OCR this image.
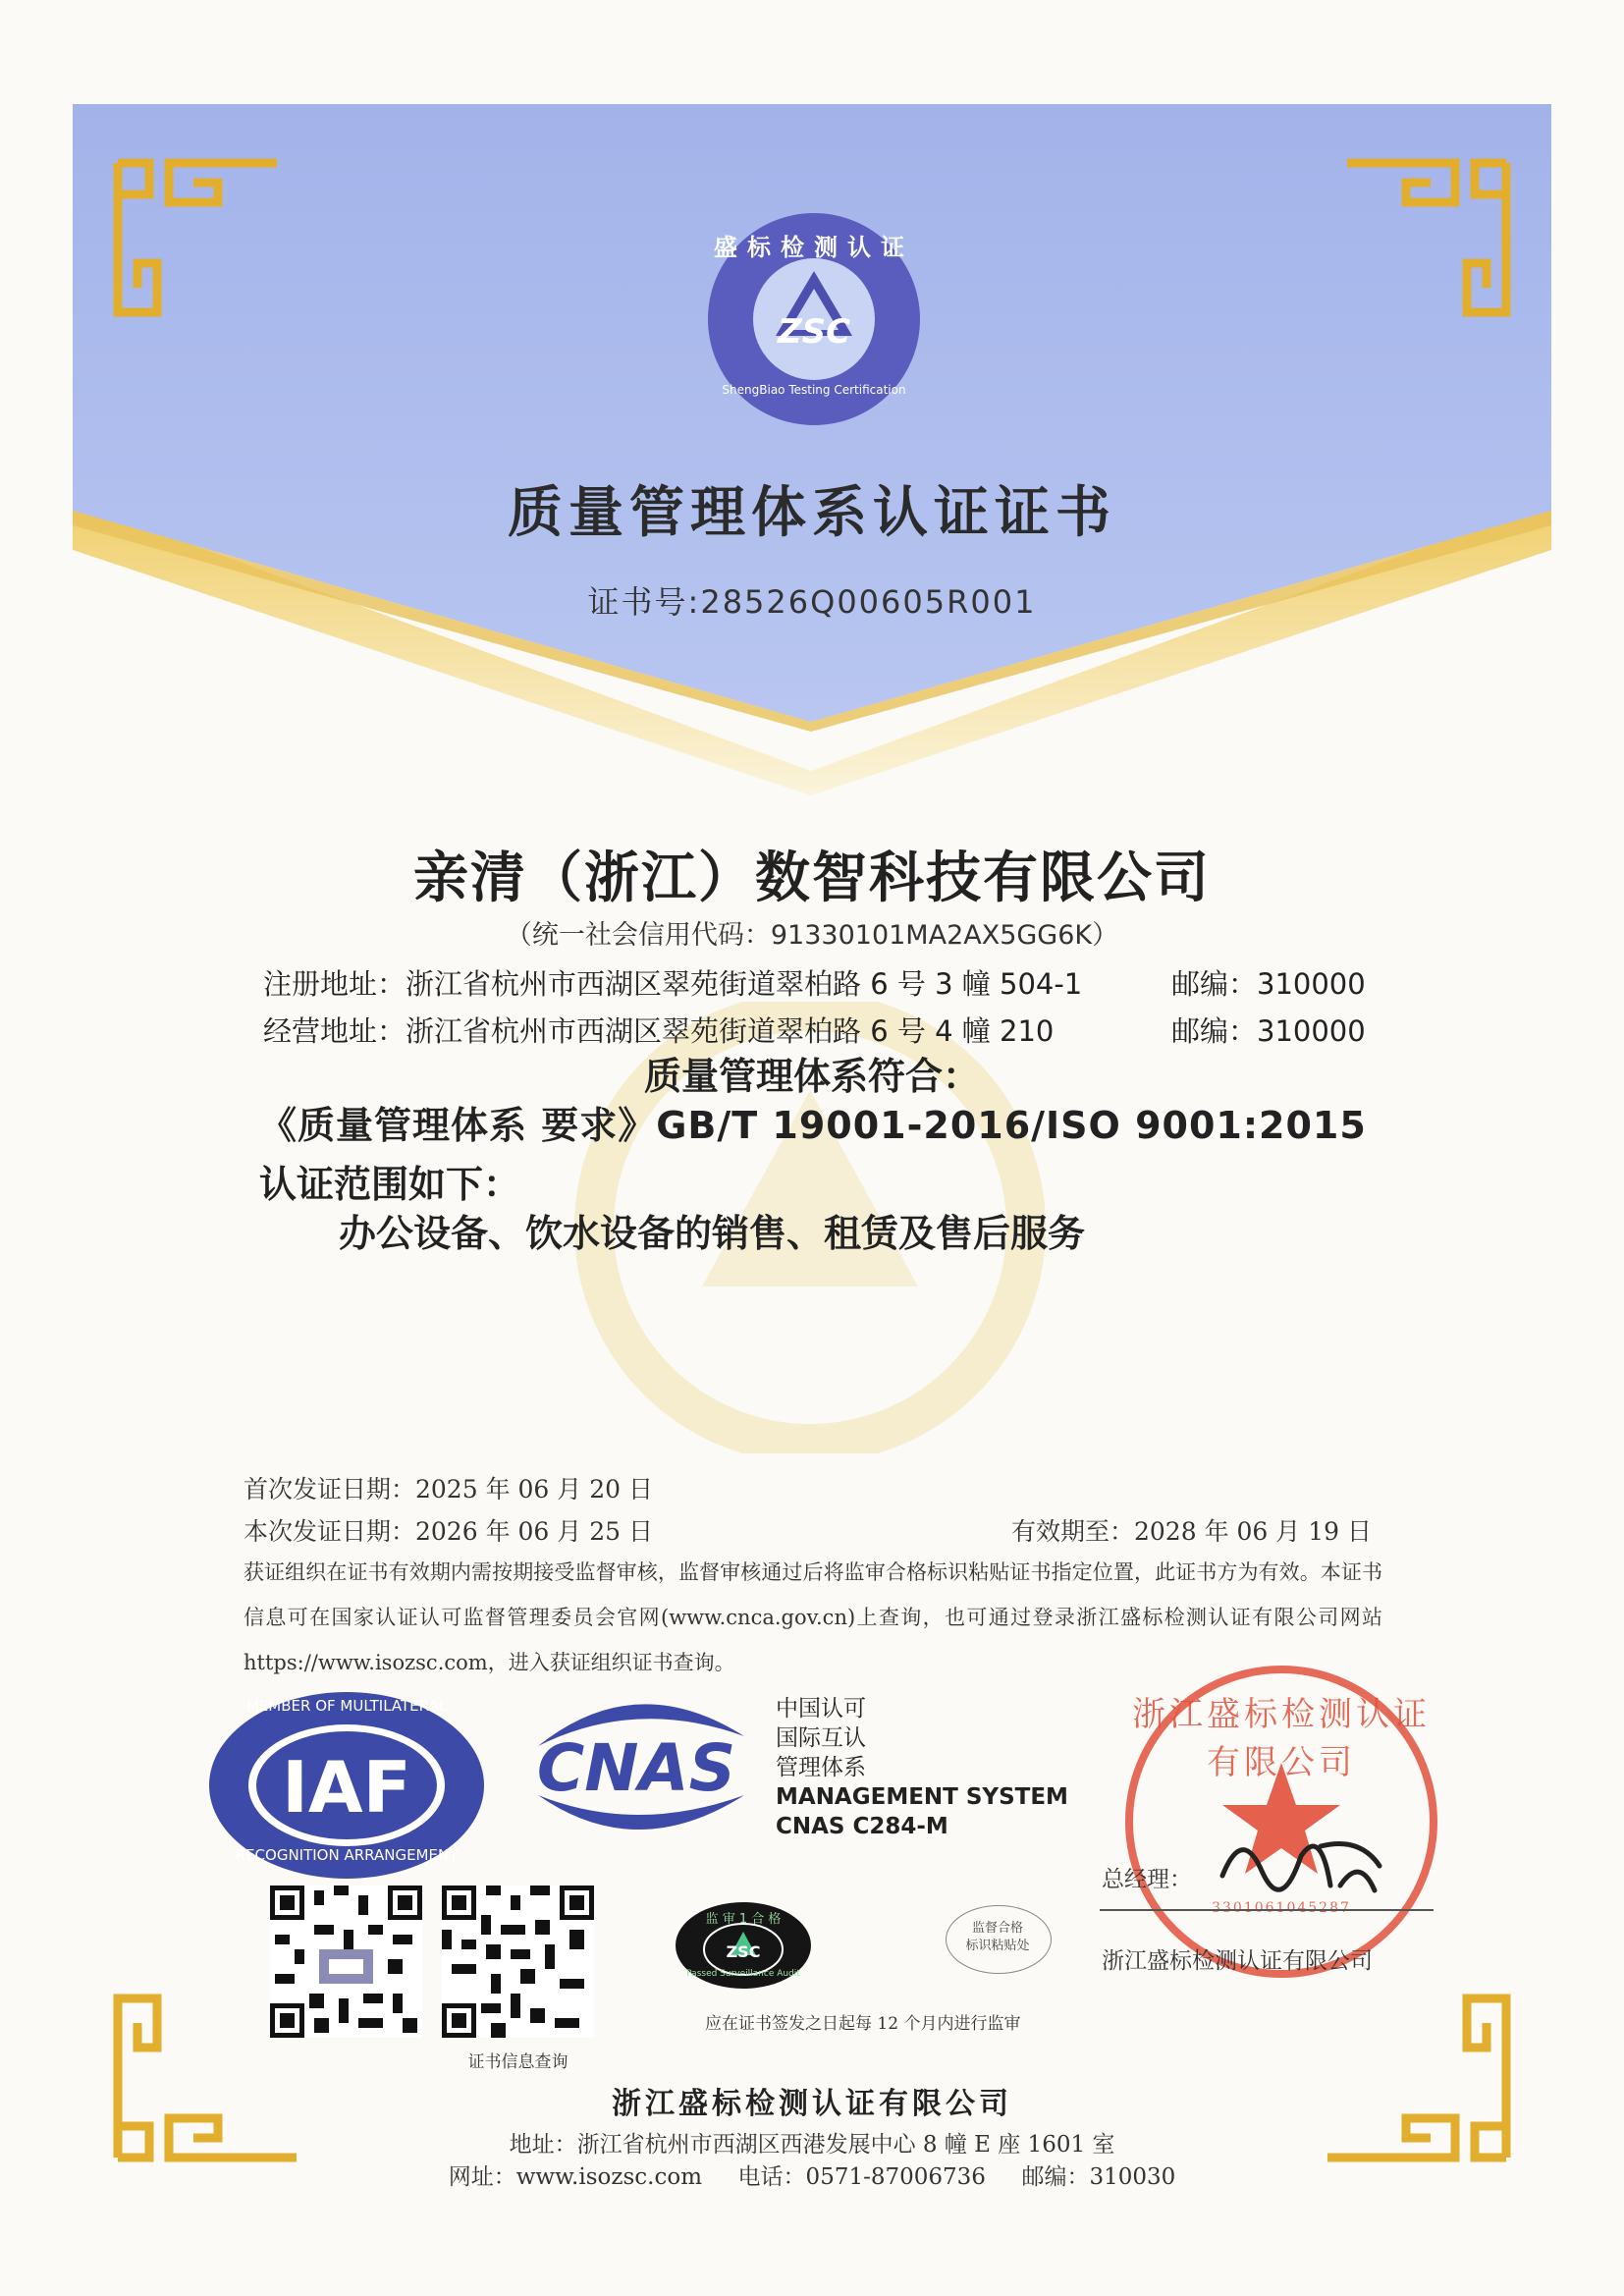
盛标检测认证
ZSC
ShengBiao Testing Certification
质量管理体系认证证书
证书号:28526Q00605R001
亲清（浙江）数智科技有限公司
（统一社会信用代码：91330101MA2AX5GG6K）
注册地址：浙江省杭州市西湖区翠苑街道翠柏路 6 号 3 幢 504-1	邮编：310000
经营地址：浙江省杭州市西湖区翠苑街道翠柏路 6 号 4 幢 210	邮编：310000
质量管理体系符合：
《质量管理体系 要求》GB/T 19001-2016/ISO 9001:2015
认证范围如下：
办公设备、饮水设备的销售、租赁及售后服务
首次发证日期：2025 年 06 月 20 日
本次发证日期：2026 年 06 月 25 日	有效期至：2028 年 06 月 19 日
获证组织在证书有效期内需按期接受监督审核，监督审核通过后将监审合格标识粘贴证书指定位置，此证书方为有效。本证书信息可在国家认证认可监督管理委员会官网(www.cnca.gov.cn)上查询，也可通过登录浙江盛标检测认证有限公司网站 https://www.isozsc.com，进入获证组织证书查询。
IAF
MEMBER OF MULTILATERAL
RECOGNITION ARRANGEMENT
CNAS
中国认可
国际互认
管理体系
MANAGEMENT SYSTEM
CNAS C284-M
浙江盛标检测认证有限公司
3301061045287
总经理：
浙江盛标检测认证有限公司
证书信息查询
监 审 1 合 格
ZSC
Passed Surveillance Audit
监督合格
标识粘贴处
应在证书签发之日起每 12 个月内进行监审
浙江盛标检测认证有限公司
地址：浙江省杭州市西湖区西港发展中心 8 幢 E 座 1601 室
网址：www.isozsc.com     电话：0571-87006736     邮编：310030
